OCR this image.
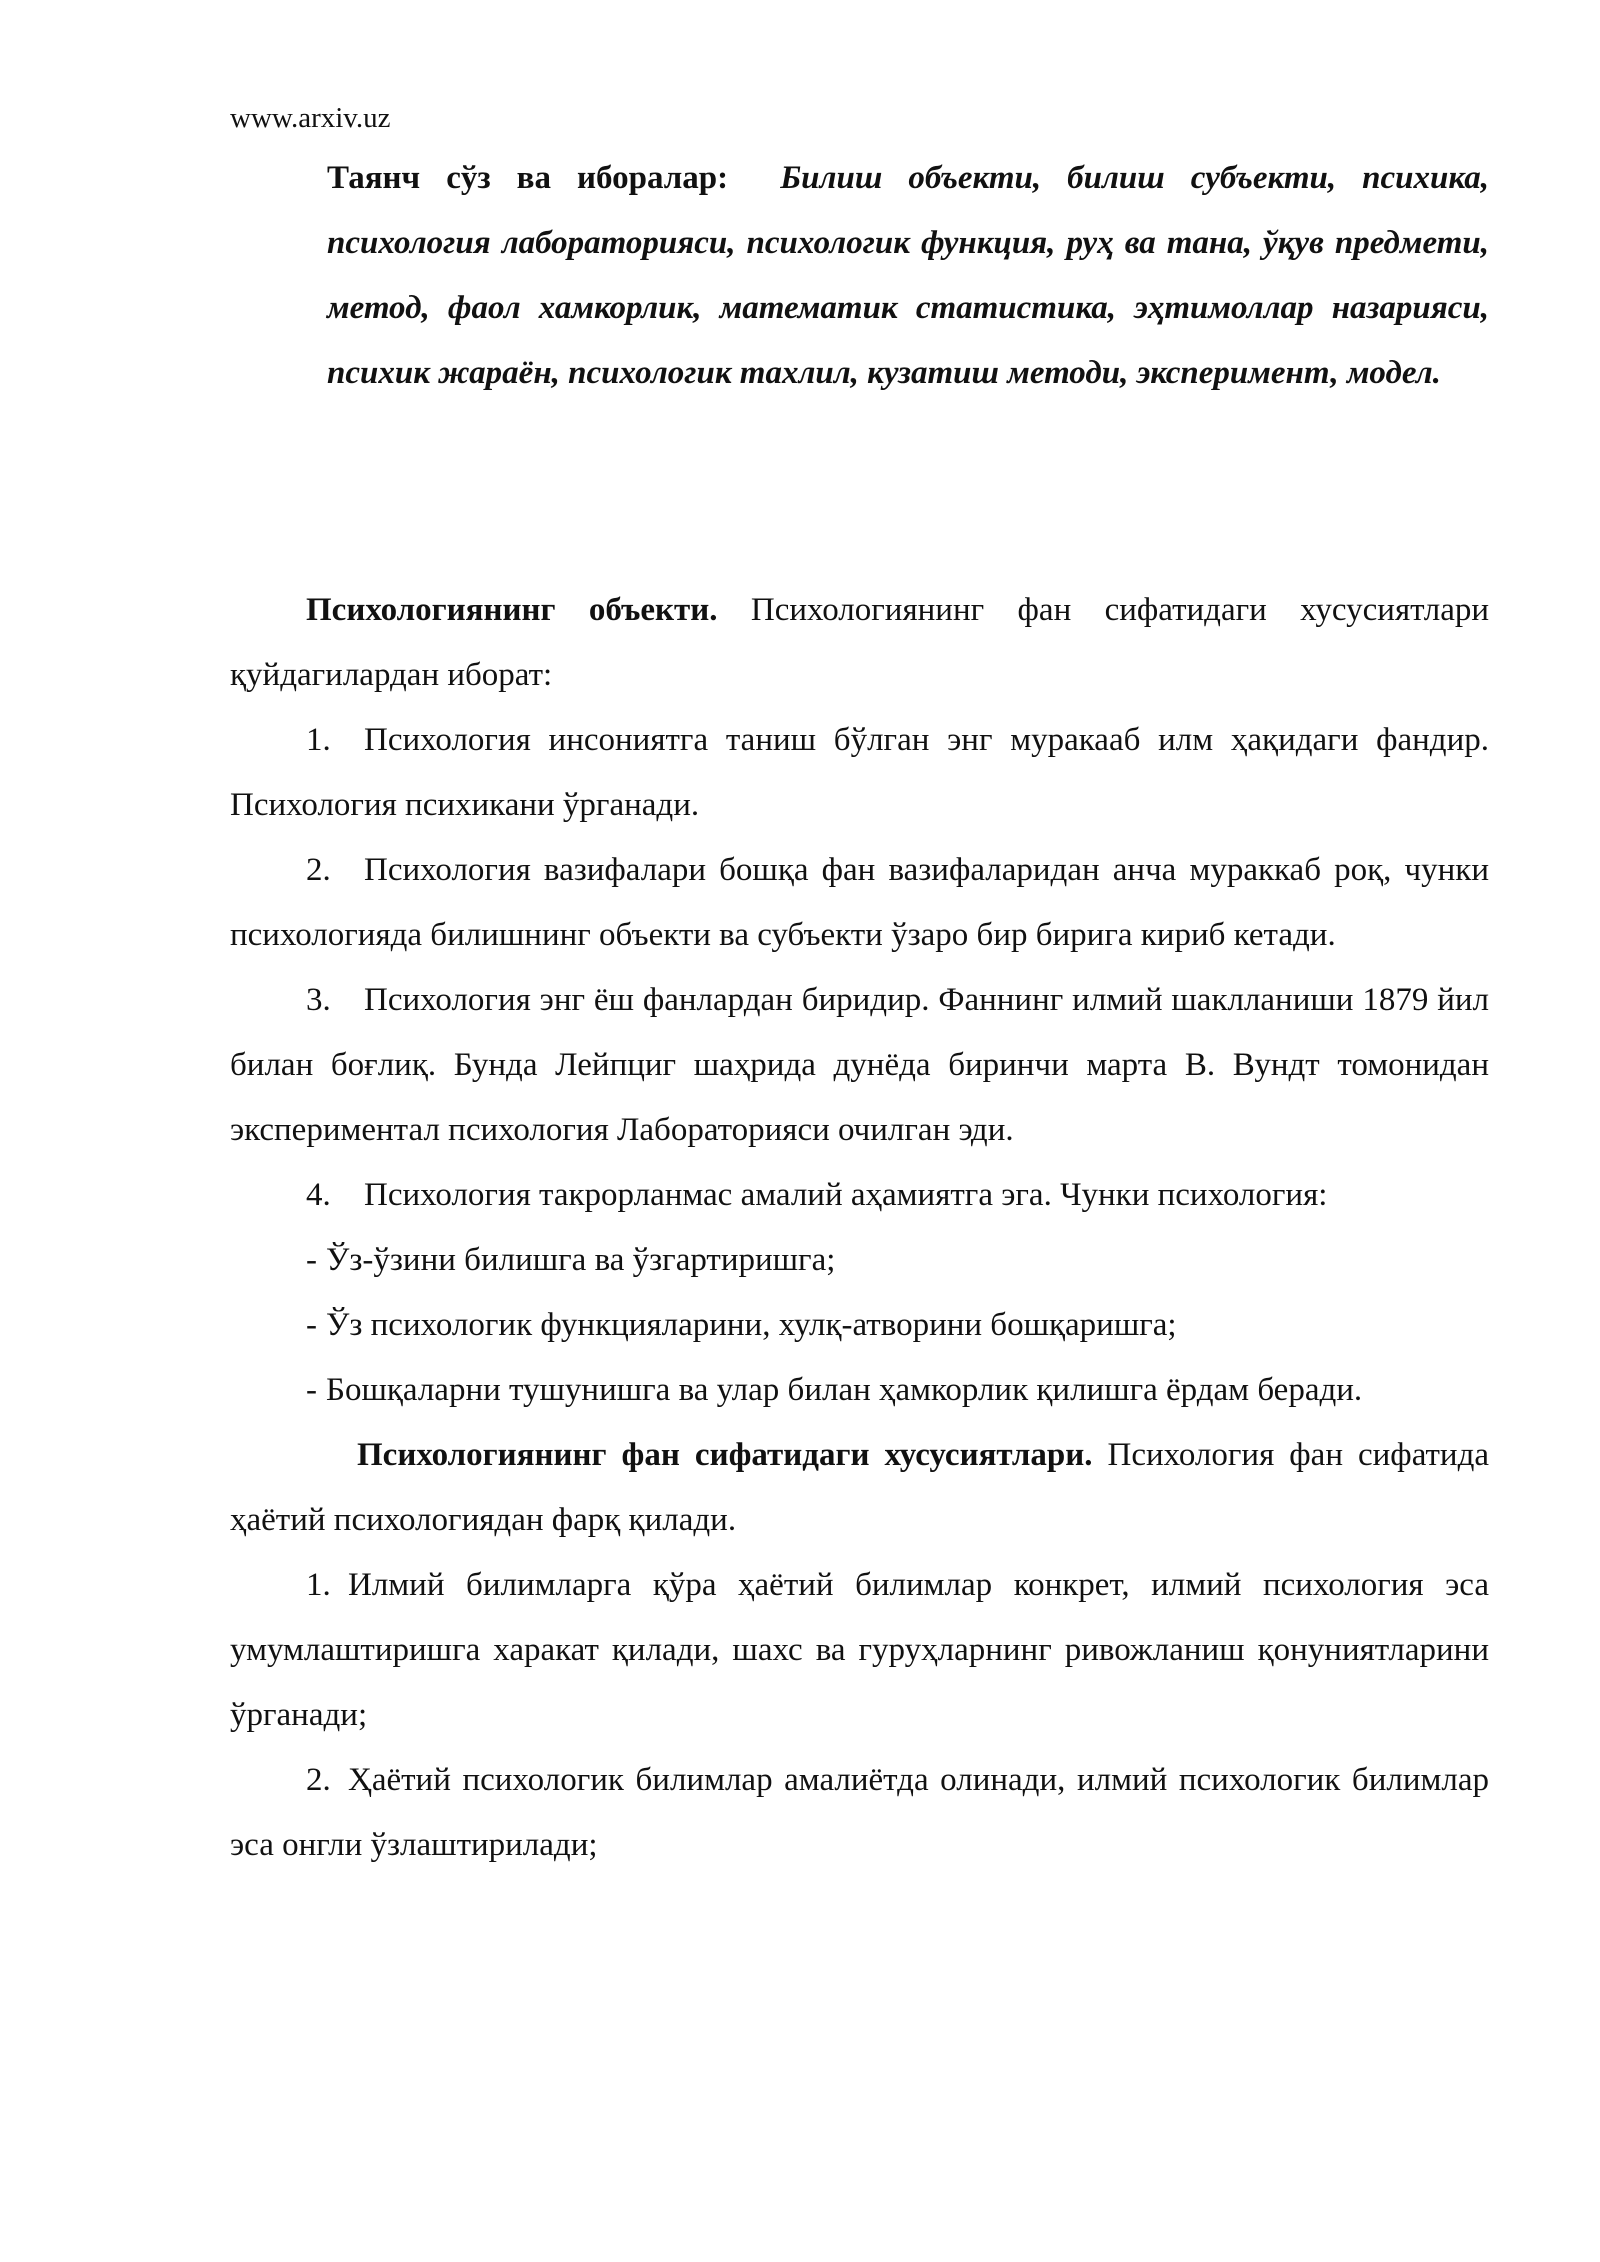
www.arxiv.uz
Таянч сўз ва иборалар: Билиш объекти, билиш субъекти, психика, психология лабораторияси, психологик функция, руҳ ва тана, ўқув предмети, метод, фаол хамкорлик, математик статистика, эҳтимоллар назарияси, психик жараён, психологик тахлил, кузатиш методи, эксперимент, модел.

Психологиянинг объекти. Психологиянинг фан сифатидаги хусусиятлари қуйдагилардан иборат:

1. Психология инсониятга таниш бўлган энг муракааб илм ҳақидаги фандир. Психология психикани ўрганади.

2. Психология вазифалари бошқа фан вазифаларидан анча мураккаб роқ, чунки психологияда билишнинг объекти ва субъекти ўзаро бир бирига кириб кетади.

3. Психология энг ёш фанлардан биридир. Фаннинг илмий шаклланиши 1879 йил билан боғлиқ. Бунда Лейпциг шаҳрида дунёда биринчи марта В. Вундт томонидан экспериментал психология Лабораторияси очилган эди.

4. Психология такрорланмас амалий аҳамиятга эга. Чунки психология:

- Ўз-ўзини билишга ва ўзгартиришга;

- Ўз психологик функцияларини, хулқ-атворини бошқаришга;

- Бошқаларни тушунишга ва улар билан ҳамкорлик қилишга ёрдам беради.

Психологиянинг фан сифатидаги хусусиятлари. Психология фан сифатида ҳаётий психологиядан фарқ қилади.

1. Илмий билимларга қўра ҳаётий билимлар конкрет, илмий психология эса умумлаштиришга харакат қилади, шахс ва гуруҳларнинг ривожланиш қонуниятларини ўрганади;

2. Ҳаётий психологик билимлар амалиётда олинади, илмий психологик билимлар эса онгли ўзлаштирилади;
